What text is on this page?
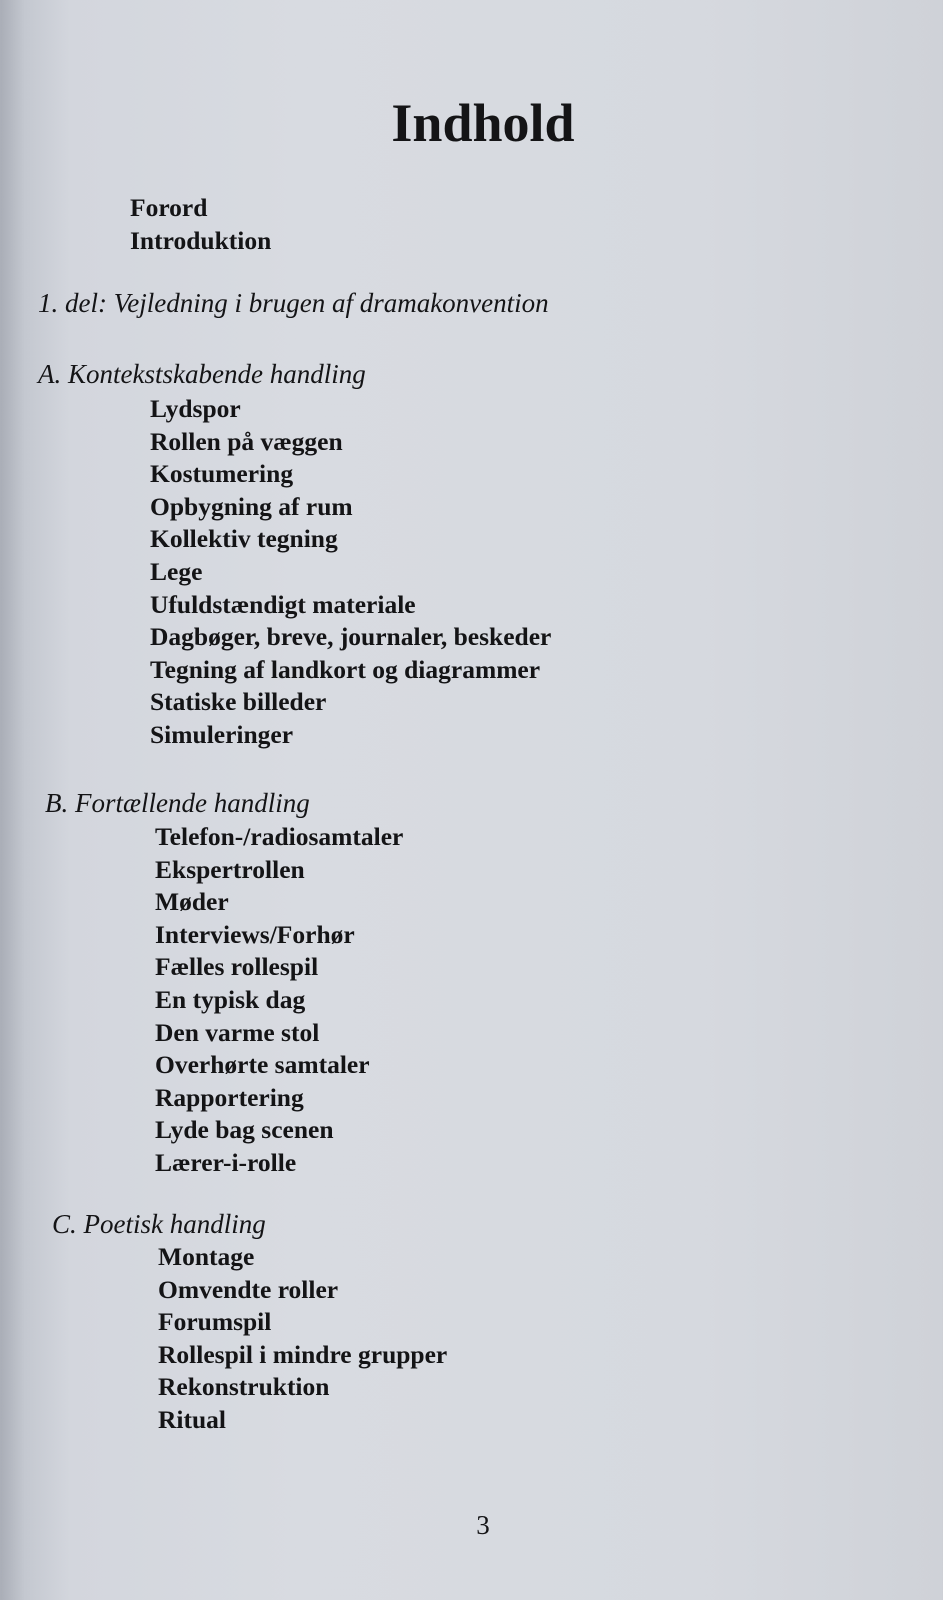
Indhold
Forord
Introduktion
1. del: Vejledning i brugen af dramakonvention
A. Kontekstskabende handling
Lydspor
Rollen på væggen
Kostumering
Opbygning af rum
Kollektiv tegning
Lege
Ufuldstændigt materiale
Dagbøger, breve, journaler, beskeder
Tegning af landkort og diagrammer
Statiske billeder
Simuleringer
B. Fortællende handling
Telefon-/radiosamtaler
Ekspertrollen
Møder
Interviews/Forhør
Fælles rollespil
En typisk dag
Den varme stol
Overhørte samtaler
Rapportering
Lyde bag scenen
Lærer-i-rolle
C. Poetisk handling
Montage
Omvendte roller
Forumspil
Rollespil i mindre grupper
Rekonstruktion
Ritual
3
